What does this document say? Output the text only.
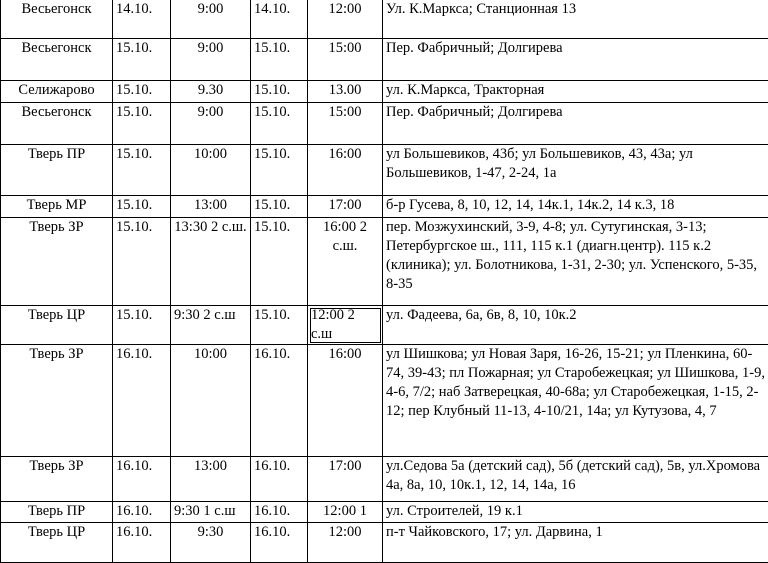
Весьегонск	14.10.	9:00	14.10.	12:00	Ул. К.Маркса; Станционная 13
Весьегонск	15.10.	9:00	15.10.	15:00	Пер. Фабричный; Долгирева
Селижарово	15.10.	9.30	15.10.	13.00	ул. К.Маркса, Тракторная
Весьегонск	15.10.	9:00	15.10.	15:00	Пер. Фабричный; Долгирева
Тверь ПР	15.10.	10:00	15.10.	16:00	ул Большевиков, 43б; ул Большевиков, 43, 43а; ул Большевиков, 1-47, 2-24, 1а
Тверь МР	15.10.	13:00	15.10.	17:00	б-р Гусева, 8, 10, 12, 14, 14к.1, 14к.2, 14 к.3, 18
Тверь ЗР	15.10.	13:30 2 с.ш.	15.10.	16:00 2 с.ш.	пер. Мозжухинский, 3-9, 4-8; ул. Сутугинская, 3-13; Петербургское ш., 111, 115 к.1 (диагн.центр). 115 к.2 (клиника); ул. Болотникова, 1-31, 2-30; ул. Успенского, 5-35, 8-35
Тверь ЦР	15.10.	9:30 2 с.ш	15.10.	12:00 2 с.ш	ул. Фадеева, 6а, 6в, 8, 10, 10к.2
Тверь ЗР	16.10.	10:00	16.10.	16:00	ул Шишкова; ул Новая Заря, 16-26, 15-21; ул Пленкина, 60-74, 39-43; пл Пожарная; ул Старобежецкая; ул Шишкова, 1-9, 4-6, 7/2; наб Затверецкая, 40-68а; ул Старобежецкая, 1-15, 2-12; пер Клубный 11-13, 4-10/21, 14а; ул Кутузова, 4, 7
Тверь ЗР	16.10.	13:00	16.10.	17:00	ул.Седова 5а (детский сад), 5б (детский сад), 5в, ул.Хромова 4а, 8а, 10, 10к.1, 12, 14, 14а, 16
Тверь ПР	16.10.	9:30 1 с.ш	16.10.	12:00 1	ул. Строителей, 19 к.1
Тверь ЦР	16.10.	9:30	16.10.	12:00	п-т Чайковского, 17; ул. Дарвина, 1
